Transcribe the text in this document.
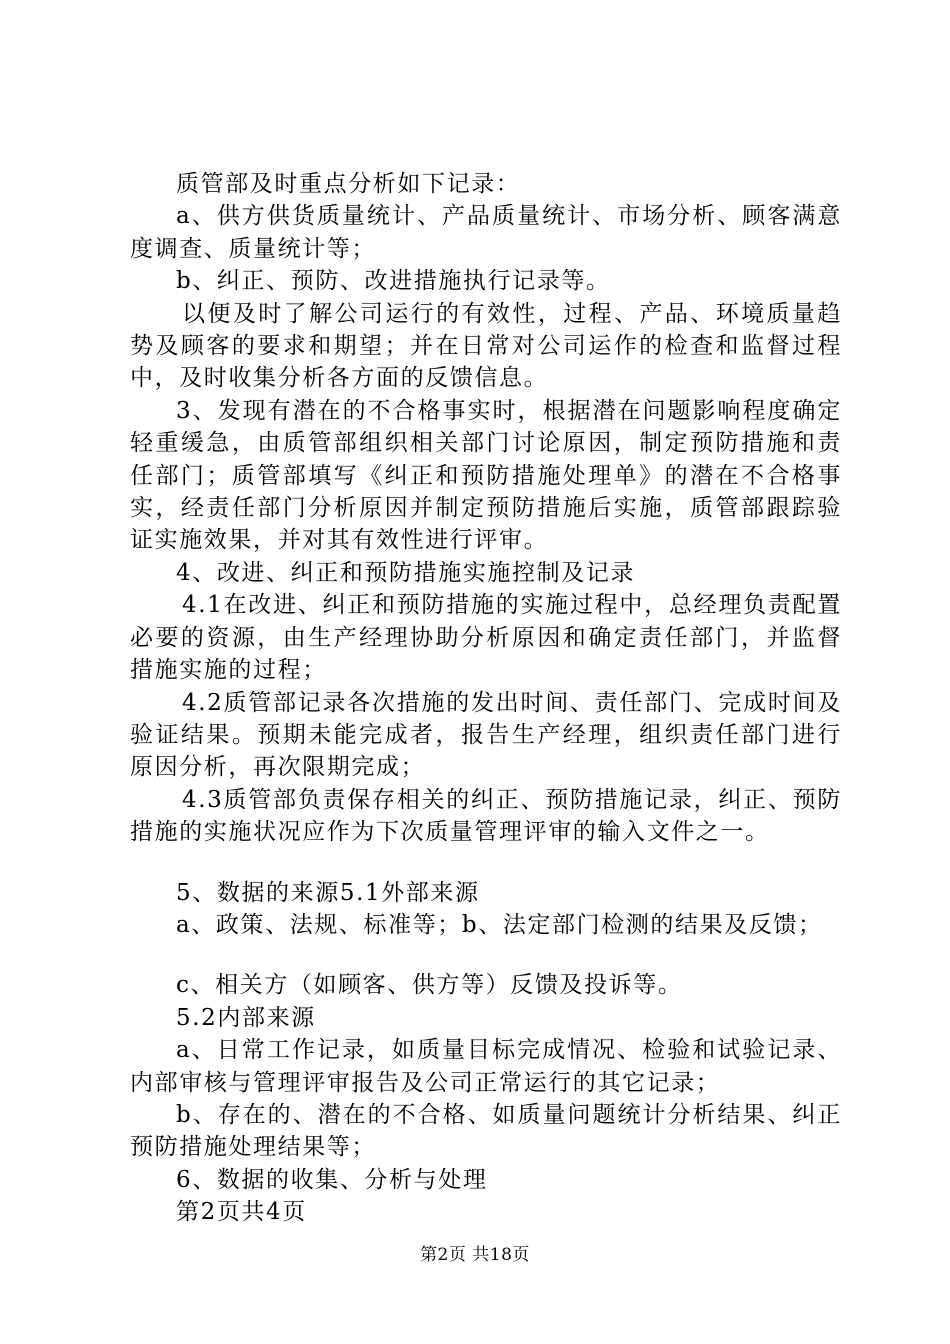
质管部及时重点分析如下记录：

a、供方供货质量统计、产品质量统计、市场分析、顾客满意度调查、质量统计等；

b、纠正、预防、改进措施执行记录等。

以便及时了解公司运行的有效性，过程、产品、环境质量趋势及顾客的要求和期望；并在日常对公司运作的检查和监督过程中，及时收集分析各方面的反馈信息。

3、发现有潜在的不合格事实时，根据潜在问题影响程度确定轻重缓急，由质管部组织相关部门讨论原因，制定预防措施和责任部门；质管部填写《纠正和预防措施处理单》的潜在不合格事实，经责任部门分析原因并制定预防措施后实施，质管部跟踪验证实施效果，并对其有效性进行评审。

4、改进、纠正和预防措施实施控制及记录

4.1在改进、纠正和预防措施的实施过程中，总经理负责配置必要的资源，由生产经理协助分析原因和确定责任部门，并监督措施实施的过程；

4.2质管部记录各次措施的发出时间、责任部门、完成时间及验证结果。预期未能完成者，报告生产经理，组织责任部门进行原因分析，再次限期完成；

4.3质管部负责保存相关的纠正、预防措施记录，纠正、预防措施的实施状况应作为下次质量管理评审的输入文件之一。

5、数据的来源5.1外部来源

a、政策、法规、标准等；b、法定部门检测的结果及反馈；

c、相关方（如顾客、供方等）反馈及投诉等。

5.2内部来源

a、日常工作记录，如质量目标完成情况、检验和试验记录、内部审核与管理评审报告及公司正常运行的其它记录；

b、存在的、潜在的不合格、如质量问题统计分析结果、纠正预防措施处理结果等；

6、数据的收集、分析与处理

第2页共4页

第2页 共18页
